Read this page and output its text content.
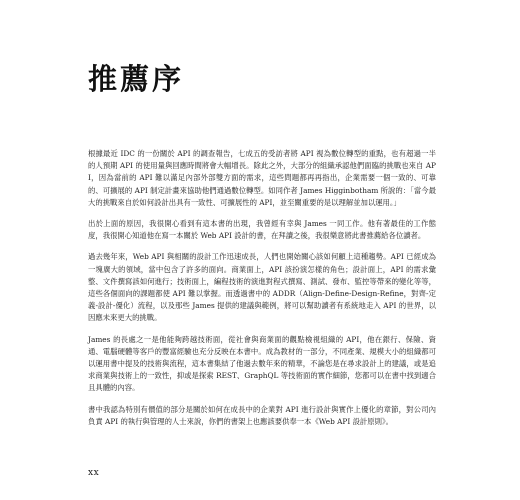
推薦序

根據最近 IDC 的一份關於 API 的調查報告，七成五的受訪者將 API 視為數位轉型的重點，也有超過一半的人預期 API 的使用量與回應時間將會大幅增長。除此之外，大部分的組織承認他們面臨的挑戰也來自 API，因為當前的 API 難以滿足內部外部雙方面的需求，這些問題都再再指出，企業需要一個一致的、可靠的、可擴展的 API 制定計畫來協助他們通過數位轉型。如同作者 James Higginbotham 所說的：「當今最大的挑戰來自於如何設計出具有一致性、可擴展性的 API，並至關重要的是以理解並加以運用。」

出於上面的原因，我很開心看到有這本書的出現，我曾經有幸與 James 一同工作。他有著最佳的工作態度，我很開心知道他在寫一本關於 Web API 設計的書，在拜讀之後，我很樂意將此書推薦給各位讀者。

過去幾年來，Web API 與相關的設計工作迅速成長，人們也開始關心該如何顧上這種趨勢。API 已經成為一塊廣大的領域，當中包含了許多的面向。商業面上，API 該扮演怎樣的角色；設計面上，API 的需求彙整、文件撰寫該如何進行；技術面上，編程技術的演進對程式撰寫、測試、發布、監控等帶來的變化等等，這些各個面向的課題都使 API 難以掌握。而透過書中的 ADDR（Align-Define-Design-Refine，對齊-定義-設計-優化）流程，以及那些 James 提供的建議與範例，將可以幫助讀者有系統地走入 API 的世界，以因應未來更大的挑戰。

James 的長處之一是他能夠跨越技術面，從社會與商業面的觀點檢視組織的 API，他在銀行、保險、資通、電腦硬體等客戶的豐富經驗也充分反映在本書中。成為教材的一部分，不同產業、規模大小的組織都可以運用書中提及的技術與流程，這本書集結了他過去數年來的精華，不論您是在尋求設計上的建議，或是追求商業與技術上的一致性，抑或是探索 REST、GraphQL 等技術面的實作細節，您都可以在書中找到適合且具體的內容。

書中我認為特別有價值的部分是關於如何在成長中的企業對 API 進行設計與實作上優化的章節，對公司內負責 API 的執行與管理的人士來說，你們的書架上也應該要供奉一本《Web API 設計原則》。

xx
